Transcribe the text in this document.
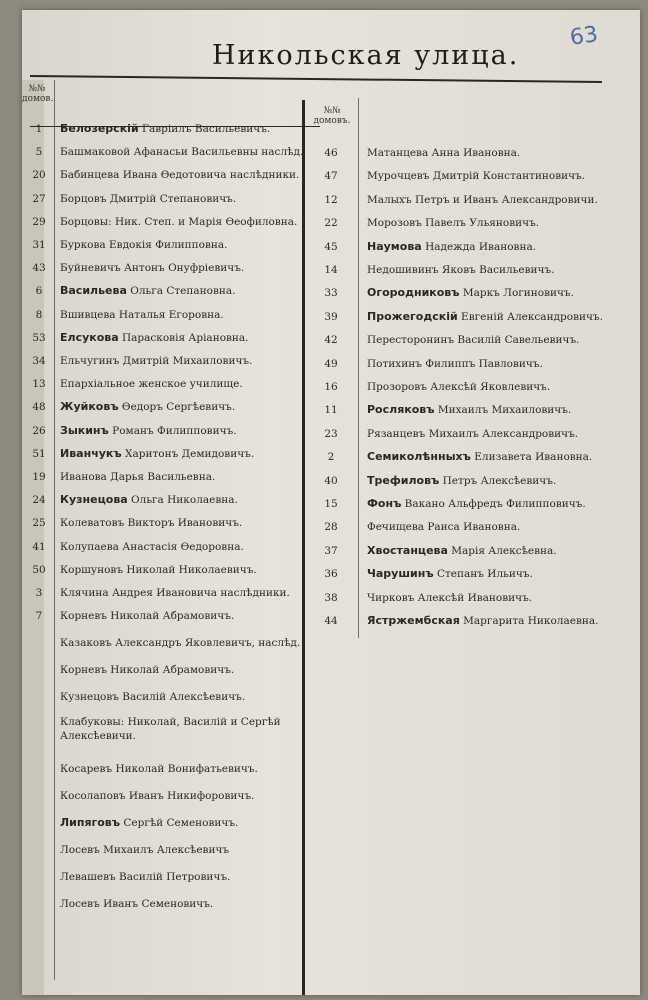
63
Никольская улица.
№№ домов.
№№ домовъ.
1	Белозерскій Гавріилъ Васильевичъ.
5	Башмаковой Афанасьи Васильевны наслѣд.
20	Бабинцева Ивана Өедотовича наслѣдники.
27	Борцовъ Дмитрій Степановичъ.
29	Борцовы: Ник. Степ. и Марія Өеофиловна.
31	Буркова Евдокія Филипповна.
43	Буйневичъ Антонъ Онуфріевичъ.
6	Васильева Ольга Степановна.
8	Вшивцева Наталья Егоровна.
53	Елсукова Парасковія Аріановна.
34	Ельчугинъ Дмитрій Михаиловичъ.
13	Епархіальное женское училище.
48	Жуйковъ Өедоръ Сергѣевичъ.
26	Зыкинъ Романъ Филипповичъ.
51	Иванчукъ Харитонъ Демидовичъ.
19	Иванова Дарья Васильевна.
24	Кузнецова Ольга Николаевна.
25	Колеватовъ Викторъ Ивановичъ.
41	Колупаева Анастасія Өедоровна.
50	Коршуновъ Николай Николаевичъ.
3	Клячина Андрея Ивановича наслѣдники.
7	Корневъ Николай Абрамовичъ.
Казаковъ Александръ Яковлевичъ, наслѣд.
Корневъ Николай Абрамовичъ.
Кузнецовъ Василій Алексѣевичъ.
Клабуковы: Николай, Василій и Сергѣй Алексѣевичи.
Косаревъ Николай Вонифатьевичъ.
Косолаповъ Иванъ Никифоровичъ.
Липяговъ Сергѣй Семеновичъ.
Лосевъ Михаилъ Алексѣевичъ
Левашевъ Василій Петровичъ.
Лосевъ Иванъ Семеновичъ.
46	Матанцева Анна Ивановна.
47	Мурочцевъ Дмитрій Константиновичъ.
12	Малыхъ Петръ и Иванъ Александровичи.
22	Морозовъ Павелъ Ульяновичъ.
45	Наумова Надежда Ивановна.
14	Недошивинъ Яковъ Васильевичъ.
33	Огородниковъ Маркъ Логиновичъ.
39	Прожегодскій Евгеній Александровичъ.
42	Пересторонинъ Василій Савельевичъ.
49	Потихинъ Филиппъ Павловичъ.
16	Прозоровъ Алексѣй Яковлевичъ.
11	Росляковъ Михаилъ Михаиловичъ.
23	Рязанцевъ Михаилъ Александровичъ.
2	Семиколѣнныхъ Елизавета Ивановна.
40	Трефиловъ Петръ Алексѣевичъ.
15	Фонъ Вакано Альфредъ Филипповичъ.
28	Фечищева Раиса Ивановна.
37	Хвостанцева Марія Алексѣевна.
36	Чарушинъ Степанъ Ильичъ.
38	Чирковъ Алексѣй Ивановичъ.
44	Ястржембская Маргарита Николаевна.
